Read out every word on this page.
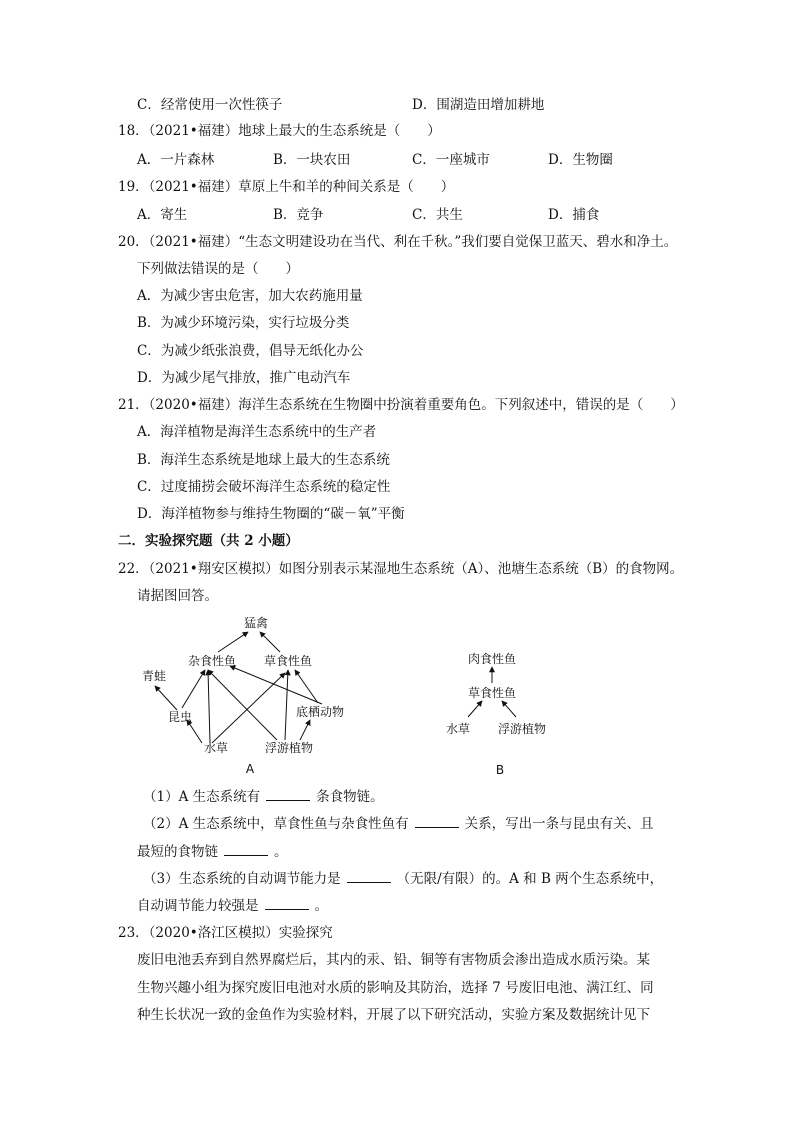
C．经常使用一次性筷子	D．围湖造田增加耕地
18．（2021•福建）地球上最大的生态系统是（　　）
A．一片森林	B．一块农田	C．一座城市	D．生物圈
19．（2021•福建）草原上牛和羊的种间关系是（　　）
A．寄生	B．竞争	C．共生	D．捕食
20．（2021•福建）“生态文明建设功在当代、利在千秋。”我们要自觉保卫蓝天、碧水和净土。
下列做法错误的是（　　）
A．为减少害虫危害，加大农药施用量
B．为减少环境污染，实行垃圾分类
C．为减少纸张浪费，倡导无纸化办公
D．为减少尾气排放，推广电动汽车
21．（2020•福建）海洋生态系统在生物圈中扮演着重要角色。下列叙述中，错误的是（　　）
A．海洋植物是海洋生态系统中的生产者
B．海洋生态系统是地球上最大的生态系统
C．过度捕捞会破坏海洋生态系统的稳定性
D．海洋植物参与维持生物圈的“碳－氧”平衡
二．实验探究题（共 2 小题）
22．（2021•翔安区模拟）如图分别表示某湿地生态系统（A）、池塘生态系统（B）的食物网。
请据图回答。
猛禽
杂食性鱼 草食性鱼
青蛙
底栖动物
昆虫
水草	浮游植物
A
肉食性鱼
草食性鱼
水草 浮游植物
B
（1）A 生态系统有	条食物链。
（2）A 生态系统中，草食性鱼与杂食性鱼有	关系，写出一条与昆虫有关、且
最短的食物链	。
（3）生态系统的自动调节能力是	（无限/有限）的。A 和 B 两个生态系统中，
自动调节能力较强是	。
23．（2020•洛江区模拟）实验探究
废旧电池丢弃到自然界腐烂后，其内的汞、铅、铜等有害物质会渗出造成水质污染。某
生物兴趣小组为探究废旧电池对水质的影响及其防治，选择 7 号废旧电池、满江红、同
种生长状况一致的金鱼作为实验材料，开展了以下研究活动，实验方案及数据统计见下
